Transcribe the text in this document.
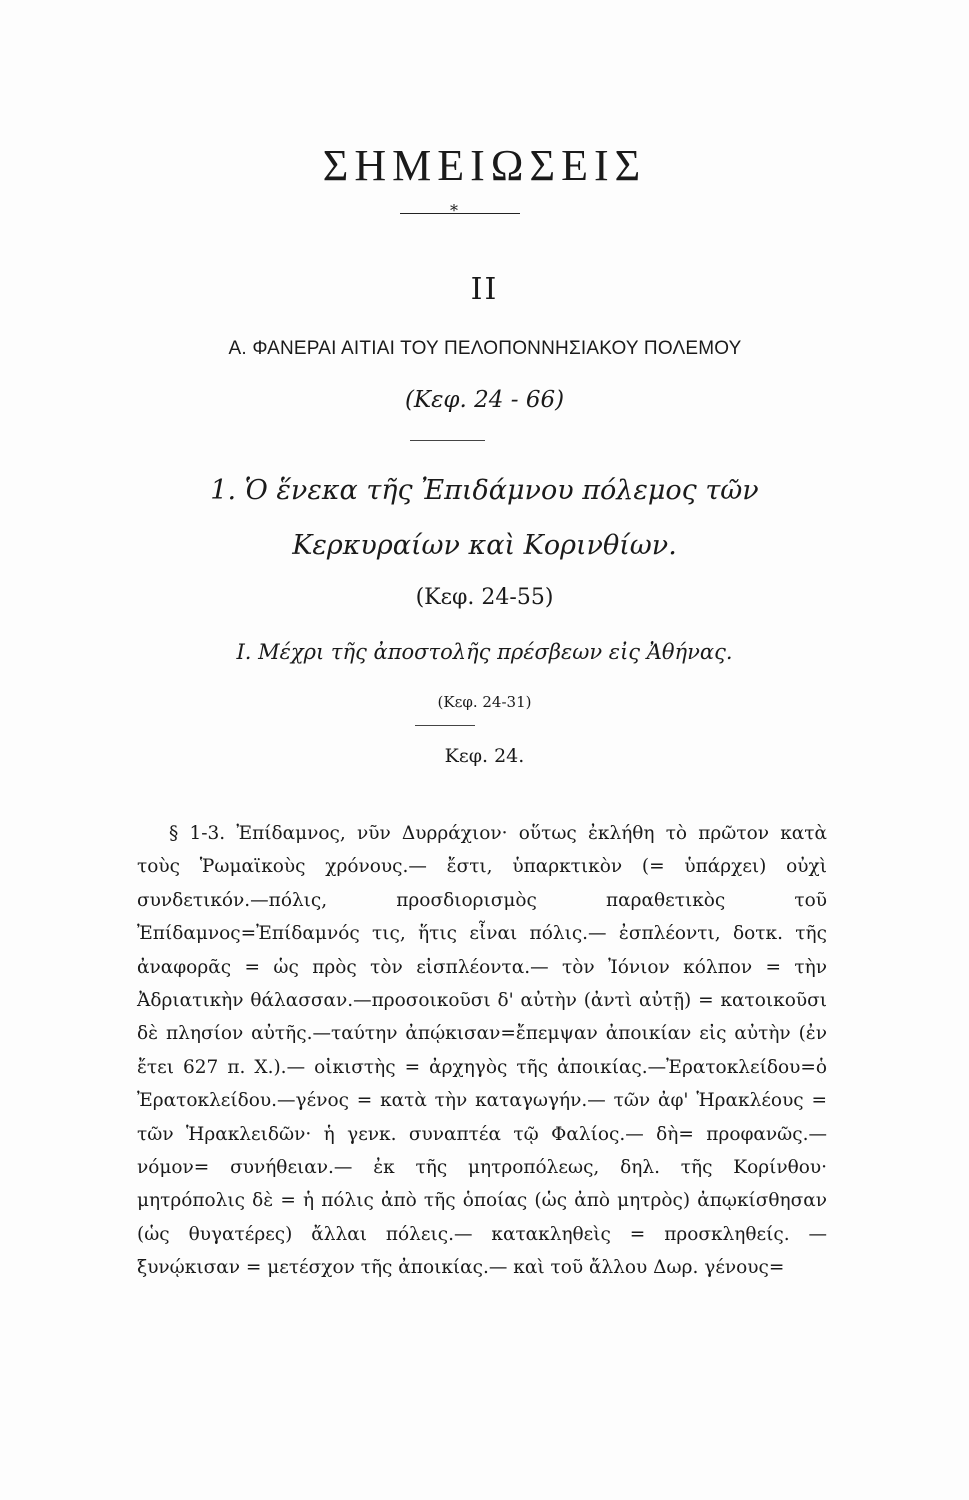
ΣΗΜΕΙΩΣΕΙΣ
*
ΙΙ
Α. ΦΑΝΕΡΑΙ ΑΙΤΙΑΙ ΤΟΥ ΠΕΛΟΠΟΝΝΗΣΙΑΚΟΥ ΠΟΛΕΜΟΥ
(Κεφ. 24 - 66)
1. Ὁ ἕνεκα τῆς Ἐπιδάμνου πόλεμος τῶν
Κερκυραίων καὶ Κορινθίων.
(Κεφ. 24-55)
Ι. Μέχρι τῆς ἀποστολῆς πρέσβεων εἰς Ἀθήνας.
(Κεφ. 24-31)
Κεφ. 24.
§ 1-3. Ἐπίδαμνος, νῦν Δυρράχιον· οὕτως ἐκλήθη τὸ πρῶτον κατὰ τοὺς Ῥωμαϊκοὺς χρόνους.— ἔστι, ὑπαρκτικὸν (= ὑπάρχει) οὐχὶ συνδετικόν.—πόλις, προσδιορισμὸς παραθετικὸς τοῦ Ἐπίδαμνος=Ἐπίδαμνός τις, ἥτις εἶναι πόλις.— ἐσπλέοντι, δοτκ. τῆς ἀναφορᾶς = ὡς πρὸς τὸν εἰσπλέοντα.— τὸν Ἰόνιον κόλπον = τὴν Ἀδριατικὴν θάλασσαν.—προσοικοῦσι δ' αὐτὴν (ἀντὶ αὐτῇ) = κατοικοῦσι δὲ πλησίον αὐτῆς.—ταύτην ἀπῴκισαν=ἔπεμψαν ἀποικίαν εἰς αὐτὴν (ἐν ἔτει 627 π. Χ.).— οἰκιστὴς = ἀρχηγὸς τῆς ἀποικίας.—Ἐρατοκλείδου=ὁ Ἐρατοκλείδου.—γένος = κατὰ τὴν καταγωγήν.— τῶν ἀφ' Ἡρακλέους = τῶν Ἡρακλειδῶν· ἡ γενκ. συναπτέα τῷ Φαλίος.— δὴ= προφανῶς.— νόμον= συνήθειαν.— ἐκ τῆς μητροπόλεως, δηλ. τῆς Κορίνθου· μητρόπολις δὲ = ἡ πόλις ἀπὸ τῆς ὁποίας (ὡς ἀπὸ μητρὸς) ἀπῳκίσθησαν (ὡς θυγατέρες) ἄλλαι πόλεις.— κατακληθεὶς = προσκληθείς. — ξυνῴκισαν = μετέσχον τῆς ἀποικίας.— καὶ τοῦ ἄλλου Δωρ. γένους=
